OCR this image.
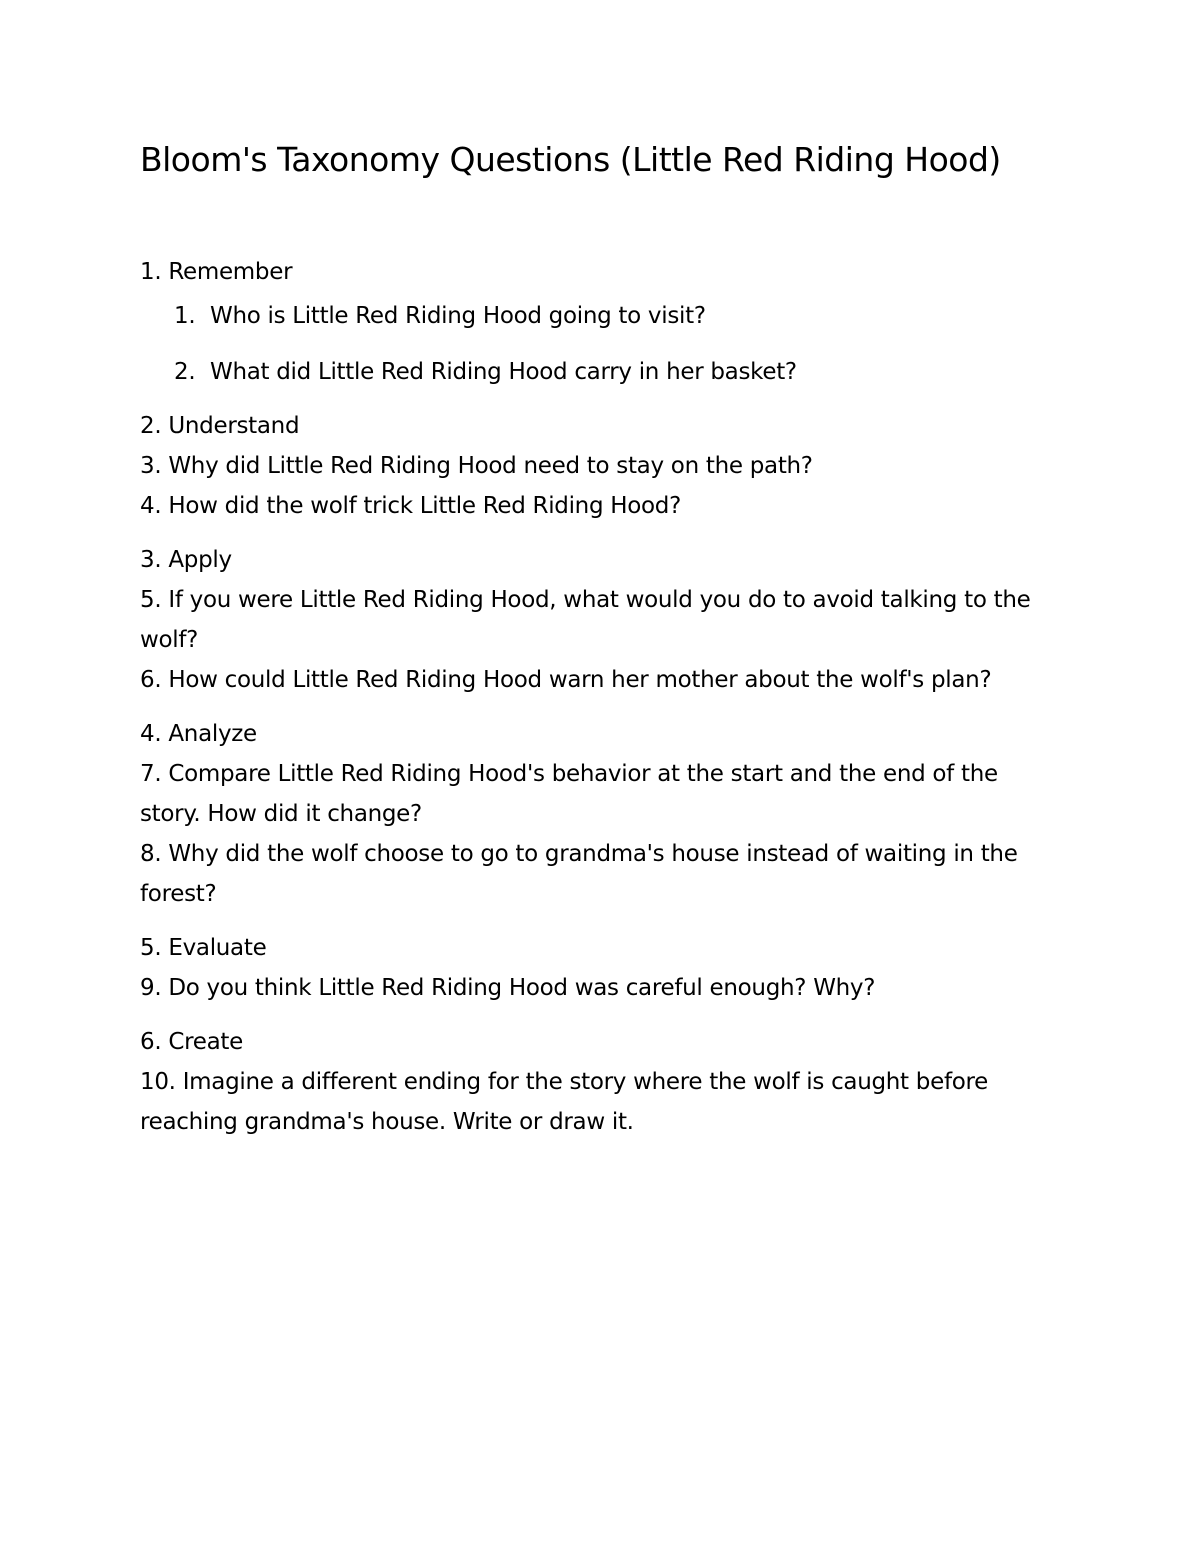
Bloom's Taxonomy Questions (Little Red Riding Hood)

1. Remember

1. Who is Little Red Riding Hood going to visit?
2. What did Little Red Riding Hood carry in her basket?

2. Understand

3. Why did Little Red Riding Hood need to stay on the path?

4. How did the wolf trick Little Red Riding Hood?

3. Apply

5. If you were Little Red Riding Hood, what would you do to avoid talking to the wolf?

6. How could Little Red Riding Hood warn her mother about the wolf's plan?

4. Analyze

7. Compare Little Red Riding Hood's behavior at the start and the end of the story. How did it change?

8. Why did the wolf choose to go to grandma's house instead of waiting in the forest?

5. Evaluate

9. Do you think Little Red Riding Hood was careful enough? Why?

6. Create

10. Imagine a different ending for the story where the wolf is caught before reaching grandma's house. Write or draw it.
